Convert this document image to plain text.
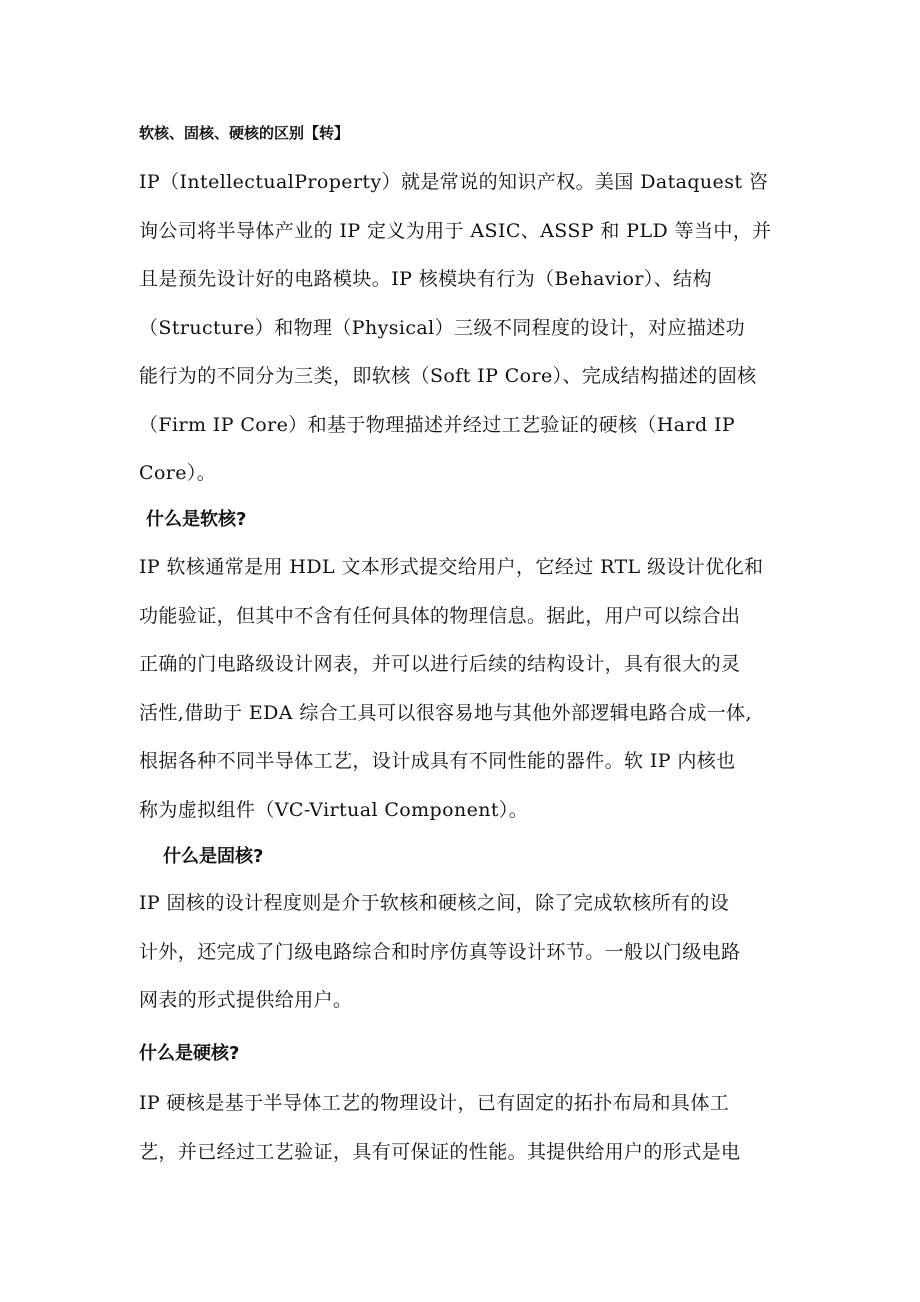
软核、固核、硬核的区别【转】
IP（IntellectualProperty）就是常说的知识产权。美国 Dataquest 咨
询公司将半导体产业的 IP 定义为用于 ASIC、ASSP 和 PLD 等当中，并
且是预先设计好的电路模块。IP 核模块有行为（Behavior）、结构
（Structure）和物理（Physical）三级不同程度的设计，对应描述功
能行为的不同分为三类，即软核（Soft IP Core）、完成结构描述的固核
（Firm IP Core）和基于物理描述并经过工艺验证的硬核（Hard IP
Core）。
什么是软核?
IP 软核通常是用 HDL 文本形式提交给用户，它经过 RTL 级设计优化和
功能验证，但其中不含有任何具体的物理信息。据此，用户可以综合出
正确的门电路级设计网表，并可以进行后续的结构设计，具有很大的灵
活性,借助于 EDA 综合工具可以很容易地与其他外部逻辑电路合成一体,
根据各种不同半导体工艺，设计成具有不同性能的器件。软 IP 内核也
称为虚拟组件（VC-Virtual Component）。
什么是固核?
IP 固核的设计程度则是介于软核和硬核之间，除了完成软核所有的设
计外，还完成了门级电路综合和时序仿真等设计环节。一般以门级电路
网表的形式提供给用户。
什么是硬核?
IP 硬核是基于半导体工艺的物理设计，已有固定的拓扑布局和具体工
艺，并已经过工艺验证，具有可保证的性能。其提供给用户的形式是电
